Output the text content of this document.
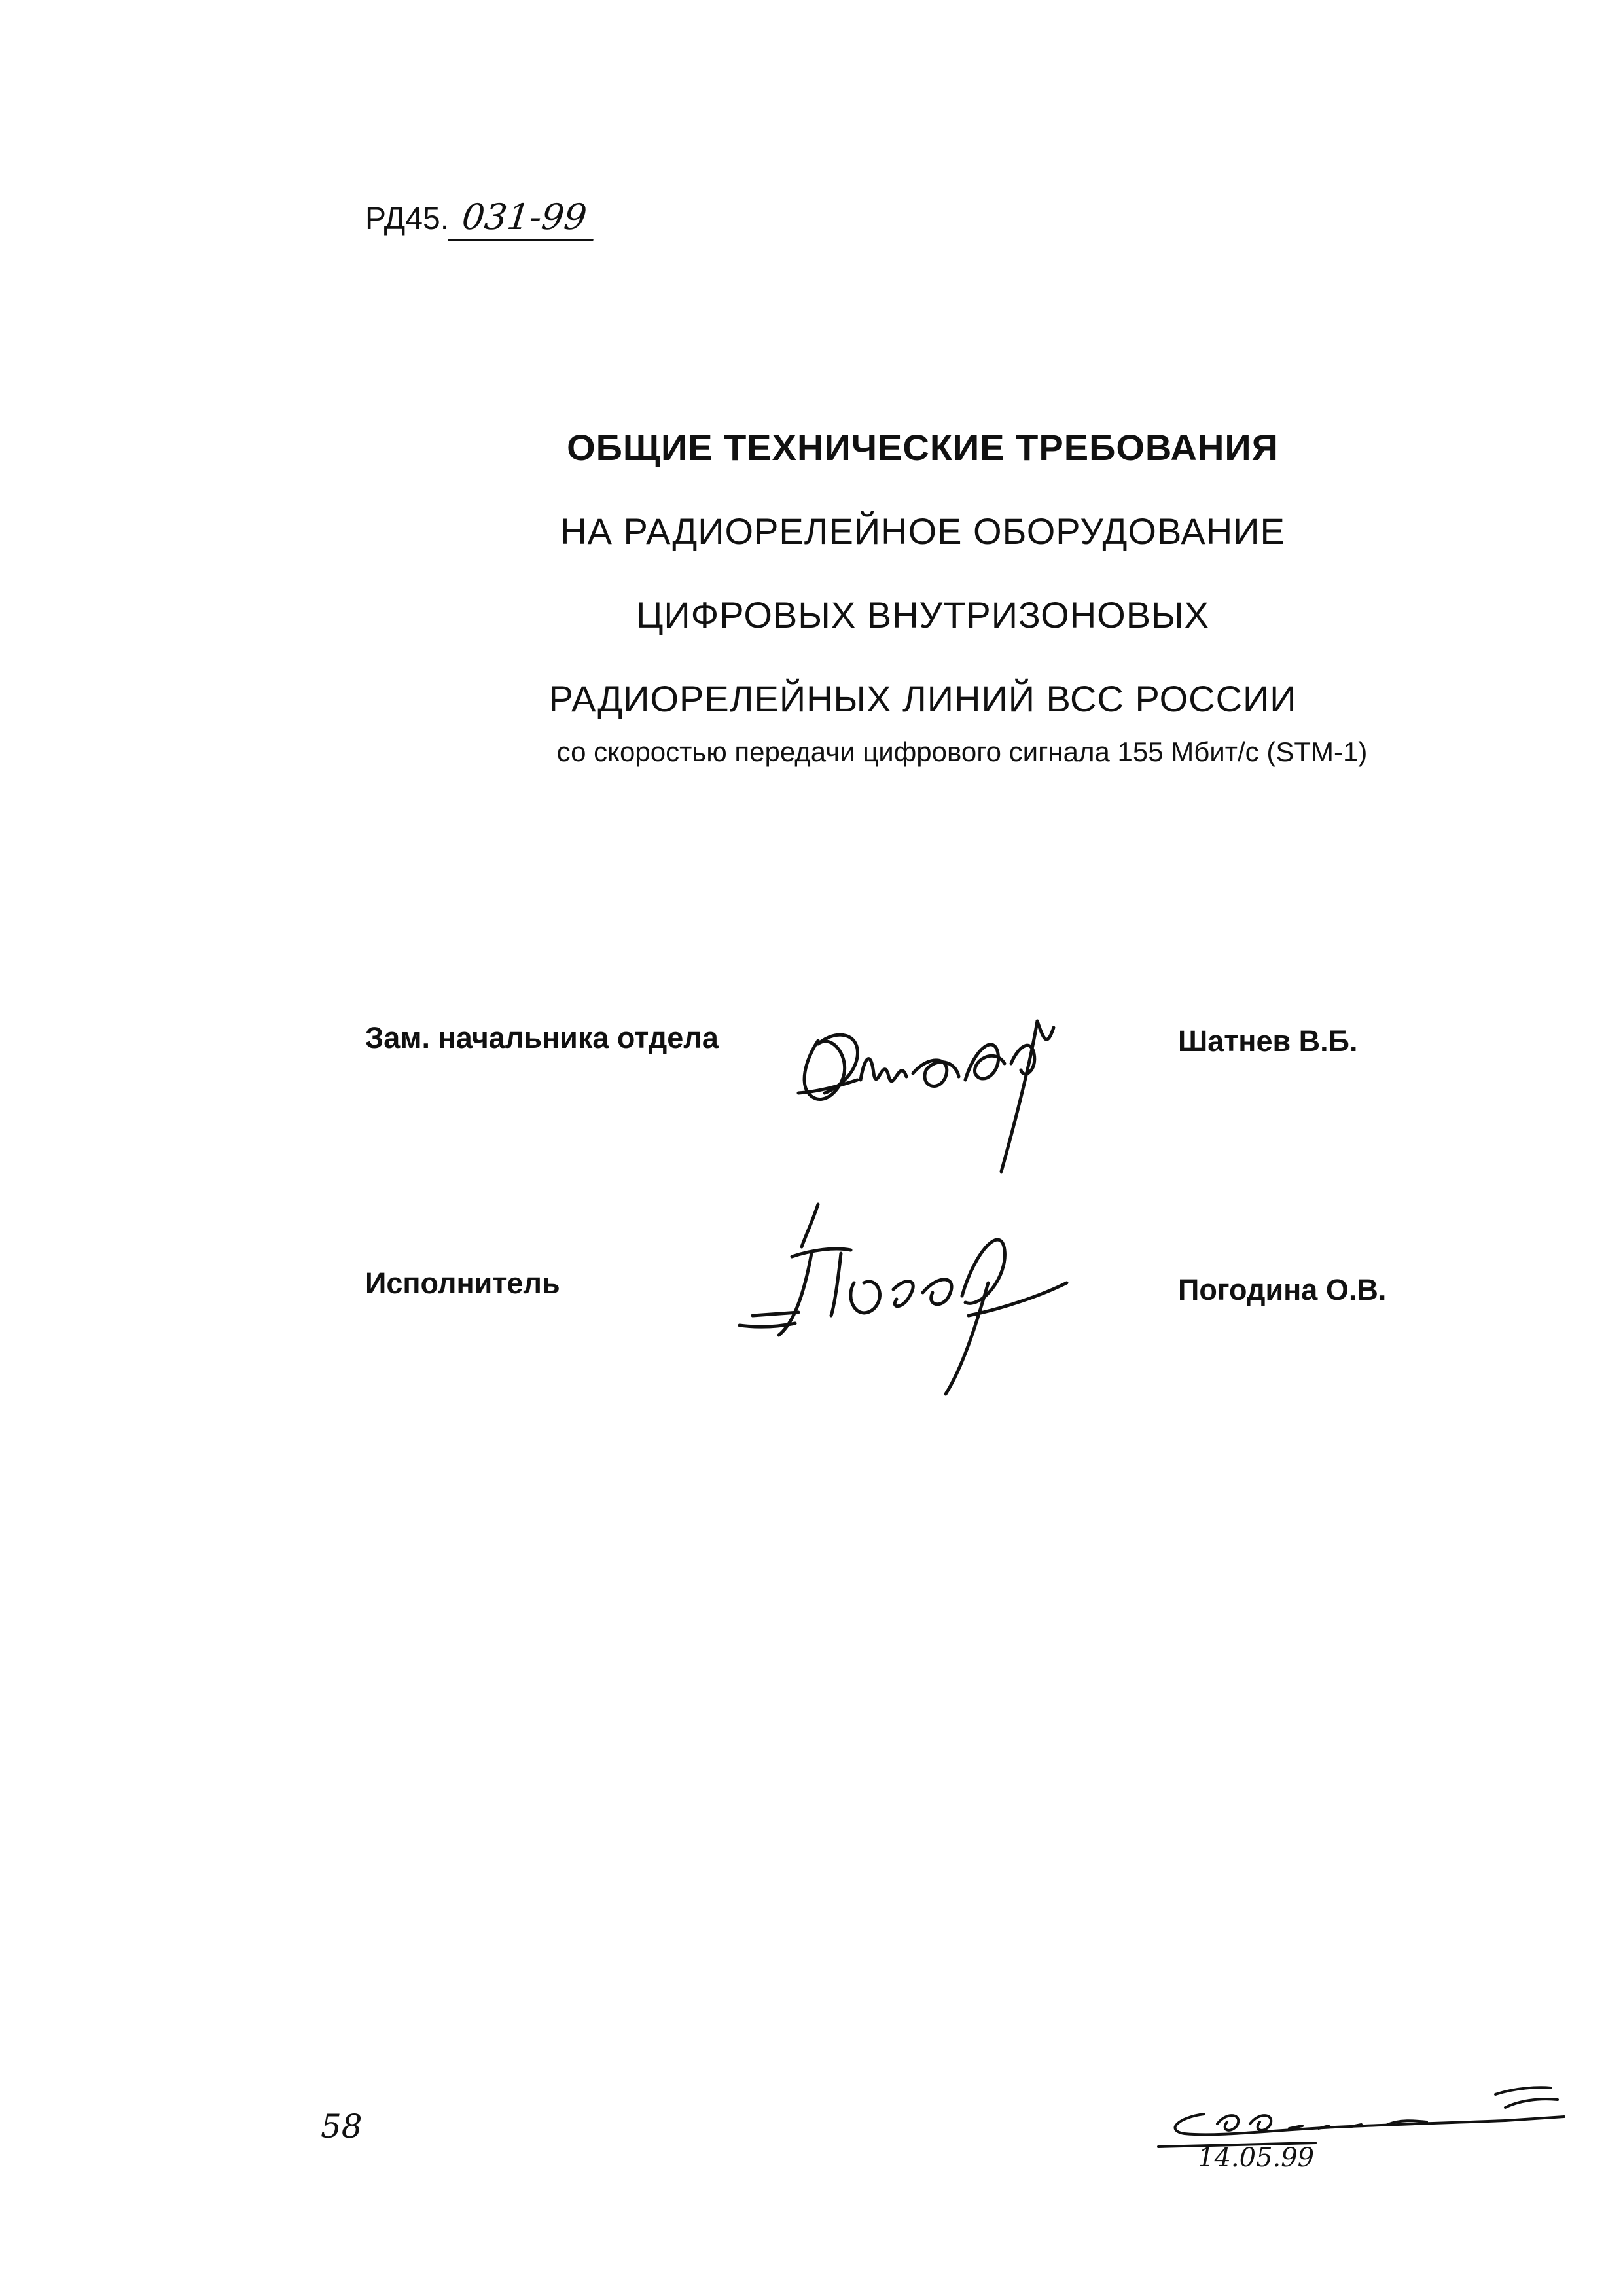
РД45. 031-99
ОБЩИЕ ТЕХНИЧЕСКИЕ ТРЕБОВАНИЯ
НА РАДИОРЕЛЕЙНОЕ ОБОРУДОВАНИЕ
ЦИФРОВЫХ ВНУТРИЗОНОВЫХ
РАДИОРЕЛЕЙНЫХ ЛИНИЙ ВСС РОССИИ
со скоростью передачи цифрового сигнала 155 Мбит/с (STM-1)
Зам. начальника отдела	Шатнев В.Б.
Исполнитель	Погодина О.В.
58
14.05.99
